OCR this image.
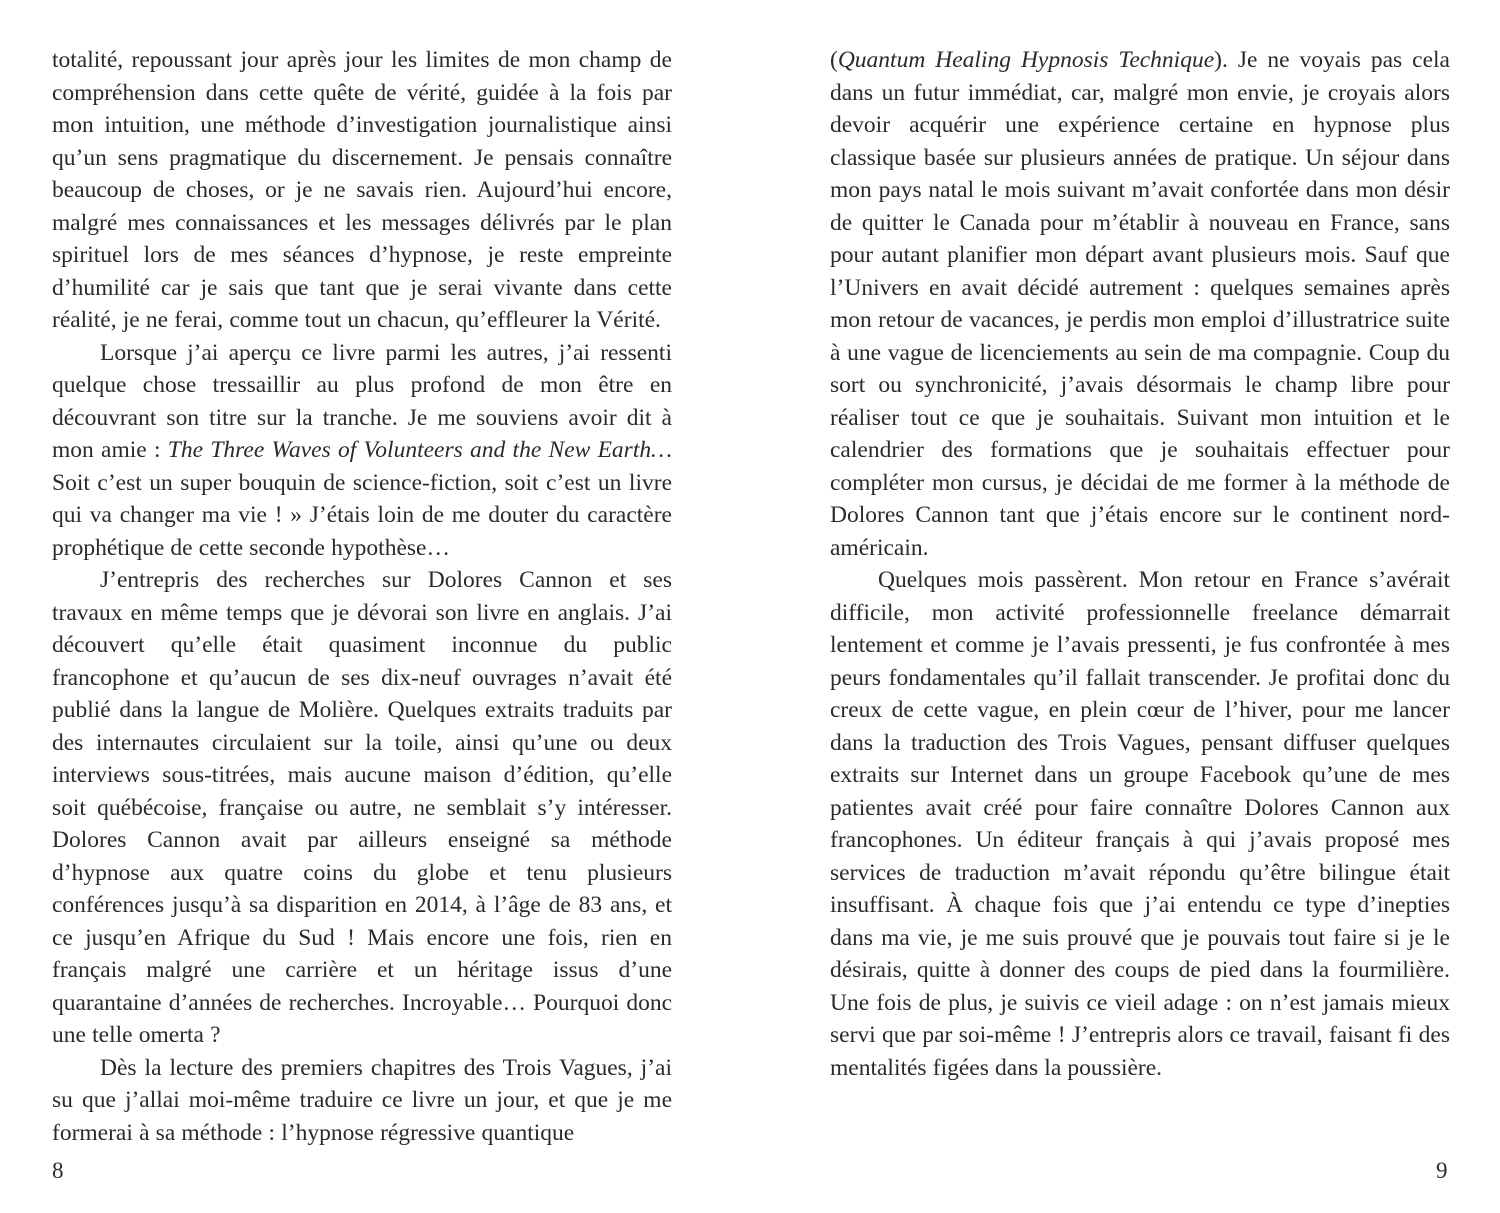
totalité, repoussant jour après jour les limites de mon champ de compréhension dans cette quête de vérité, guidée à la fois par mon intuition, une méthode d’investigation journalistique ainsi qu’un sens pragmatique du discernement. Je pensais connaître beaucoup de choses, or je ne savais rien. Aujourd’hui encore, malgré mes connaissances et les messages délivrés par le plan spirituel lors de mes séances d’hypnose, je reste empreinte d’humilité car je sais que tant que je serai vivante dans cette réalité, je ne ferai, comme tout un chacun, qu’effleurer la Vérité.

Lorsque j’ai aperçu ce livre parmi les autres, j’ai ressenti quelque chose tressaillir au plus profond de mon être en découvrant son titre sur la tranche. Je me souviens avoir dit à mon amie : The Three Waves of Volunteers and the New Earth… Soit c’est un super bouquin de science-fiction, soit c’est un livre qui va changer ma vie ! » J’étais loin de me douter du caractère prophétique de cette seconde hypothèse…

J’entrepris des recherches sur Dolores Cannon et ses travaux en même temps que je dévorai son livre en anglais. J’ai découvert qu’elle était quasiment inconnue du public francophone et qu’aucun de ses dix-neuf ouvrages n’avait été publié dans la langue de Molière. Quelques extraits traduits par des internautes circulaient sur la toile, ainsi qu’une ou deux interviews sous-titrées, mais aucune maison d’édition, qu’elle soit québécoise, française ou autre, ne semblait s’y intéresser. Dolores Cannon avait par ailleurs enseigné sa méthode d’hypnose aux quatre coins du globe et tenu plusieurs conférences jusqu’à sa disparition en 2014, à l’âge de 83 ans, et ce jusqu’en Afrique du Sud ! Mais encore une fois, rien en français malgré une carrière et un héritage issus d’une quarantaine d’années de recherches. Incroyable… Pourquoi donc une telle omerta ?

Dès la lecture des premiers chapitres des Trois Vagues, j’ai su que j’allai moi-même traduire ce livre un jour, et que je me formerai à sa méthode : l’hypnose régressive quantique

8

(Quantum Healing Hypnosis Technique). Je ne voyais pas cela dans un futur immédiat, car, malgré mon envie, je croyais alors devoir acquérir une expérience certaine en hypnose plus classique basée sur plusieurs années de pratique. Un séjour dans mon pays natal le mois suivant m’avait confortée dans mon désir de quitter le Canada pour m’établir à nouveau en France, sans pour autant planifier mon départ avant plusieurs mois. Sauf que l’Univers en avait décidé autrement : quelques semaines après mon retour de vacances, je perdis mon emploi d’illustratrice suite à une vague de licenciements au sein de ma compagnie. Coup du sort ou synchronicité, j’avais désormais le champ libre pour réaliser tout ce que je souhaitais. Suivant mon intuition et le calendrier des formations que je souhaitais effectuer pour compléter mon cursus, je décidai de me former à la méthode de Dolores Cannon tant que j’étais encore sur le continent nord-américain.

Quelques mois passèrent. Mon retour en France s’avérait difficile, mon activité professionnelle freelance démarrait lentement et comme je l’avais pressenti, je fus confrontée à mes peurs fondamentales qu’il fallait transcender. Je profitai donc du creux de cette vague, en plein cœur de l’hiver, pour me lancer dans la traduction des Trois Vagues, pensant diffuser quelques extraits sur Internet dans un groupe Facebook qu’une de mes patientes avait créé pour faire connaître Dolores Cannon aux francophones. Un éditeur français à qui j’avais proposé mes services de traduction m’avait répondu qu’être bilingue était insuffisant. À chaque fois que j’ai entendu ce type d’inepties dans ma vie, je me suis prouvé que je pouvais tout faire si je le désirais, quitte à donner des coups de pied dans la fourmilière. Une fois de plus, je suivis ce vieil adage : on n’est jamais mieux servi que par soi-même ! J’entrepris alors ce travail, faisant fi des mentalités figées dans la poussière.

9
